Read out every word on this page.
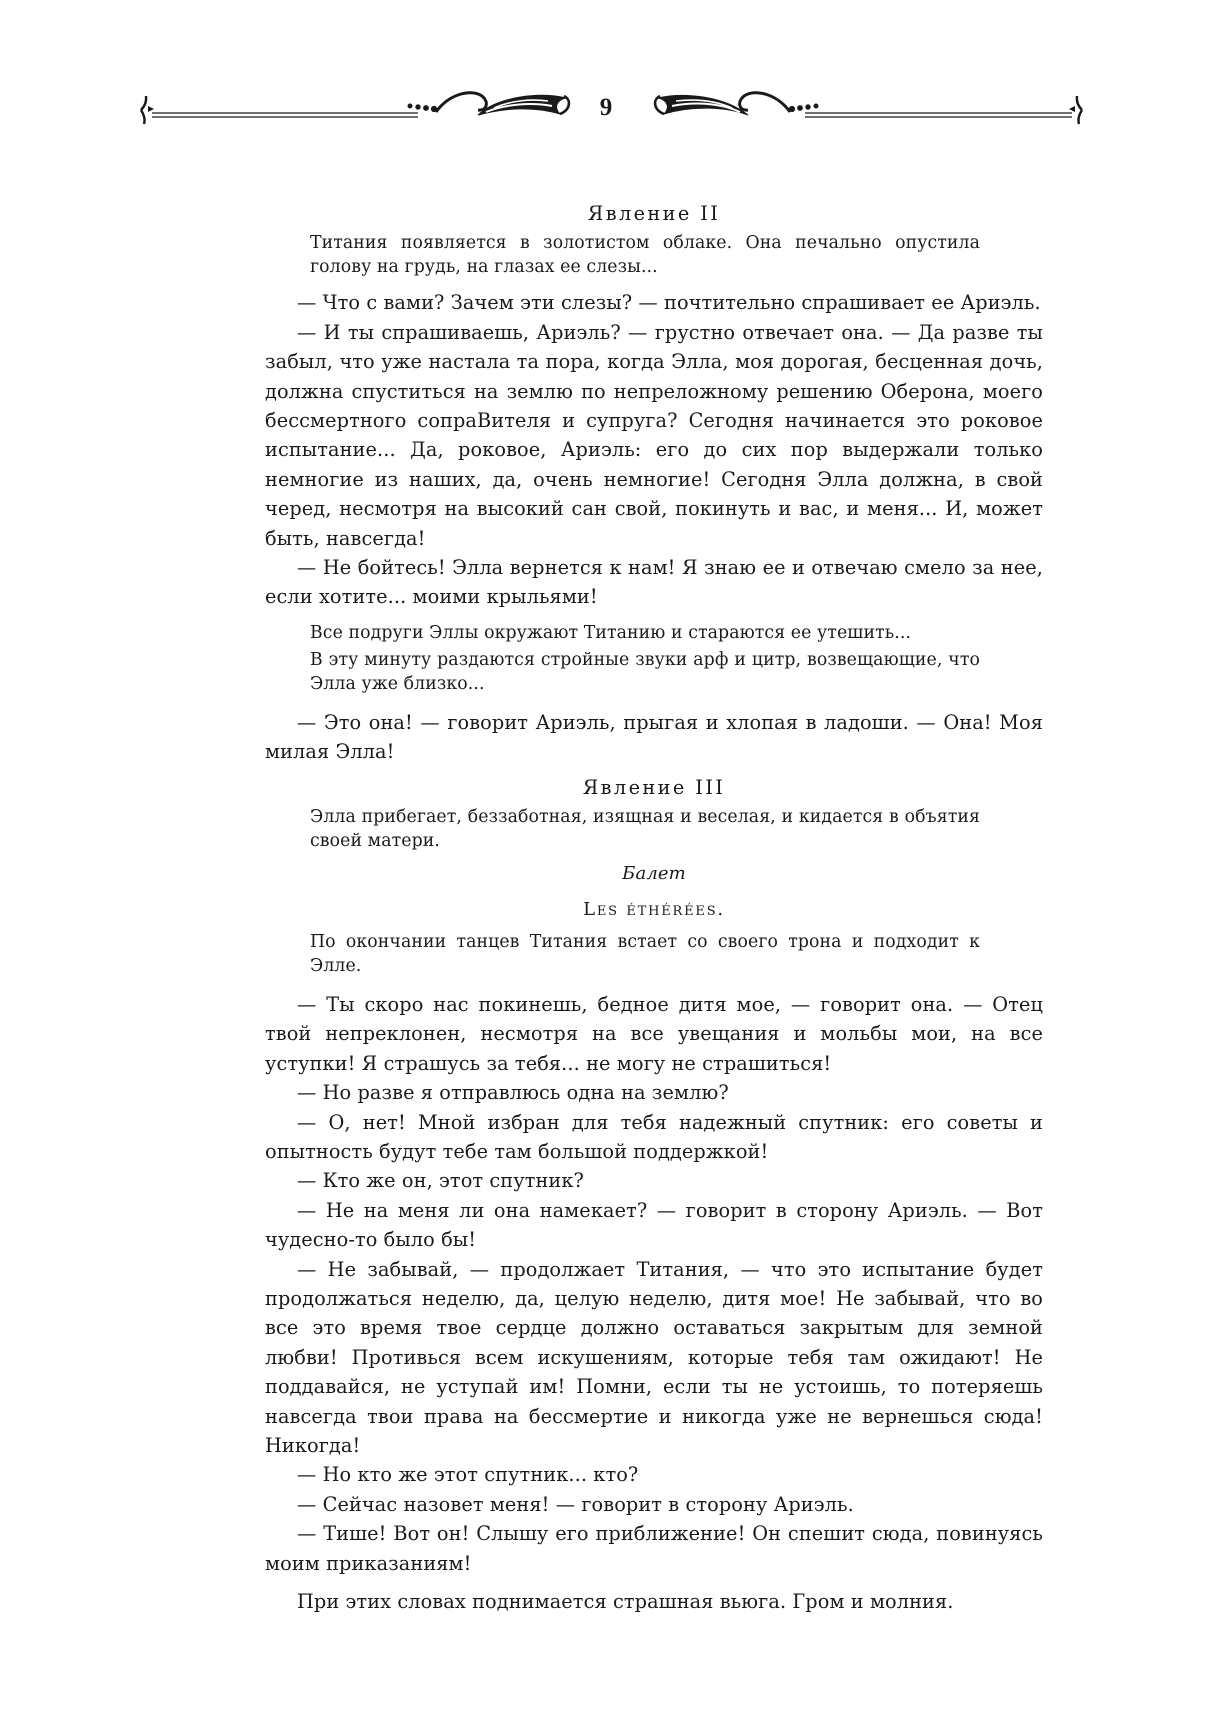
9

Явление II

Титания появляется в золотистом облаке. Она печально опустила голову на грудь, на глазах ее слезы...

— Что с вами? Зачем эти слезы? — почтительно спрашивает ее Ариэль.

— И ты спрашиваешь, Ариэль? — грустно отвечает она. — Да разве ты забыл, что уже настала та пора, когда Элла, моя дорогая, бесценная дочь, должна спуститься на землю по непреложному решению Оберона, моего бессмертного сопраВителя и супруга? Сегодня начинается это роковое испытание... Да, роковое, Ариэль: его до сих пор выдержали только немногие из наших, да, очень немногие! Сегодня Элла должна, в свой черед, несмотря на высокий сан свой, покинуть и вас, и меня... И, может быть, навсегда!

— Не бойтесь! Элла вернется к нам! Я знаю ее и отвечаю смело за нее, если хотите... моими крыльями!

Все подруги Эллы окружают Титанию и стараются ее утешить...

В эту минуту раздаются стройные звуки арф и цитр, возвещающие, что Элла уже близко...

— Это она! — говорит Ариэль, прыгая и хлопая в ладоши. — Она! Моя милая Элла!

Явление III

Элла прибегает, беззаботная, изящная и веселая, и кидается в объятия своей матери.

Балет

Les éthérées.

По окончании танцев Титания встает со своего трона и подходит к Элле.

— Ты скоро нас покинешь, бедное дитя мое, — говорит она. — Отец твой непреклонен, несмотря на все увещания и мольбы мои, на все уступки! Я страшусь за тебя... не могу не страшиться!

— Но разве я отправлюсь одна на землю?

— О, нет! Мной избран для тебя надежный спутник: его советы и опытность будут тебе там большой поддержкой!

— Кто же он, этот спутник?

— Не на меня ли она намекает? — говорит в сторону Ариэль. — Вот чудесно-то было бы!

— Не забывай, — продолжает Титания, — что это испытание будет продолжаться неделю, да, целую неделю, дитя мое! Не забывай, что во все это время твое сердце должно оставаться закрытым для земной любви! Противься всем искушениям, которые тебя там ожидают! Не поддавайся, не уступай им! Помни, если ты не устоишь, то потеряешь навсегда твои права на бессмертие и никогда уже не вернешься сюда! Никогда!

— Но кто же этот спутник... кто?

— Сейчас назовет меня! — говорит в сторону Ариэль.

— Тише! Вот он! Слышу его приближение! Он спешит сюда, повинуясь моим приказаниям!

При этих словах поднимается страшная вьюга. Гром и молния.
